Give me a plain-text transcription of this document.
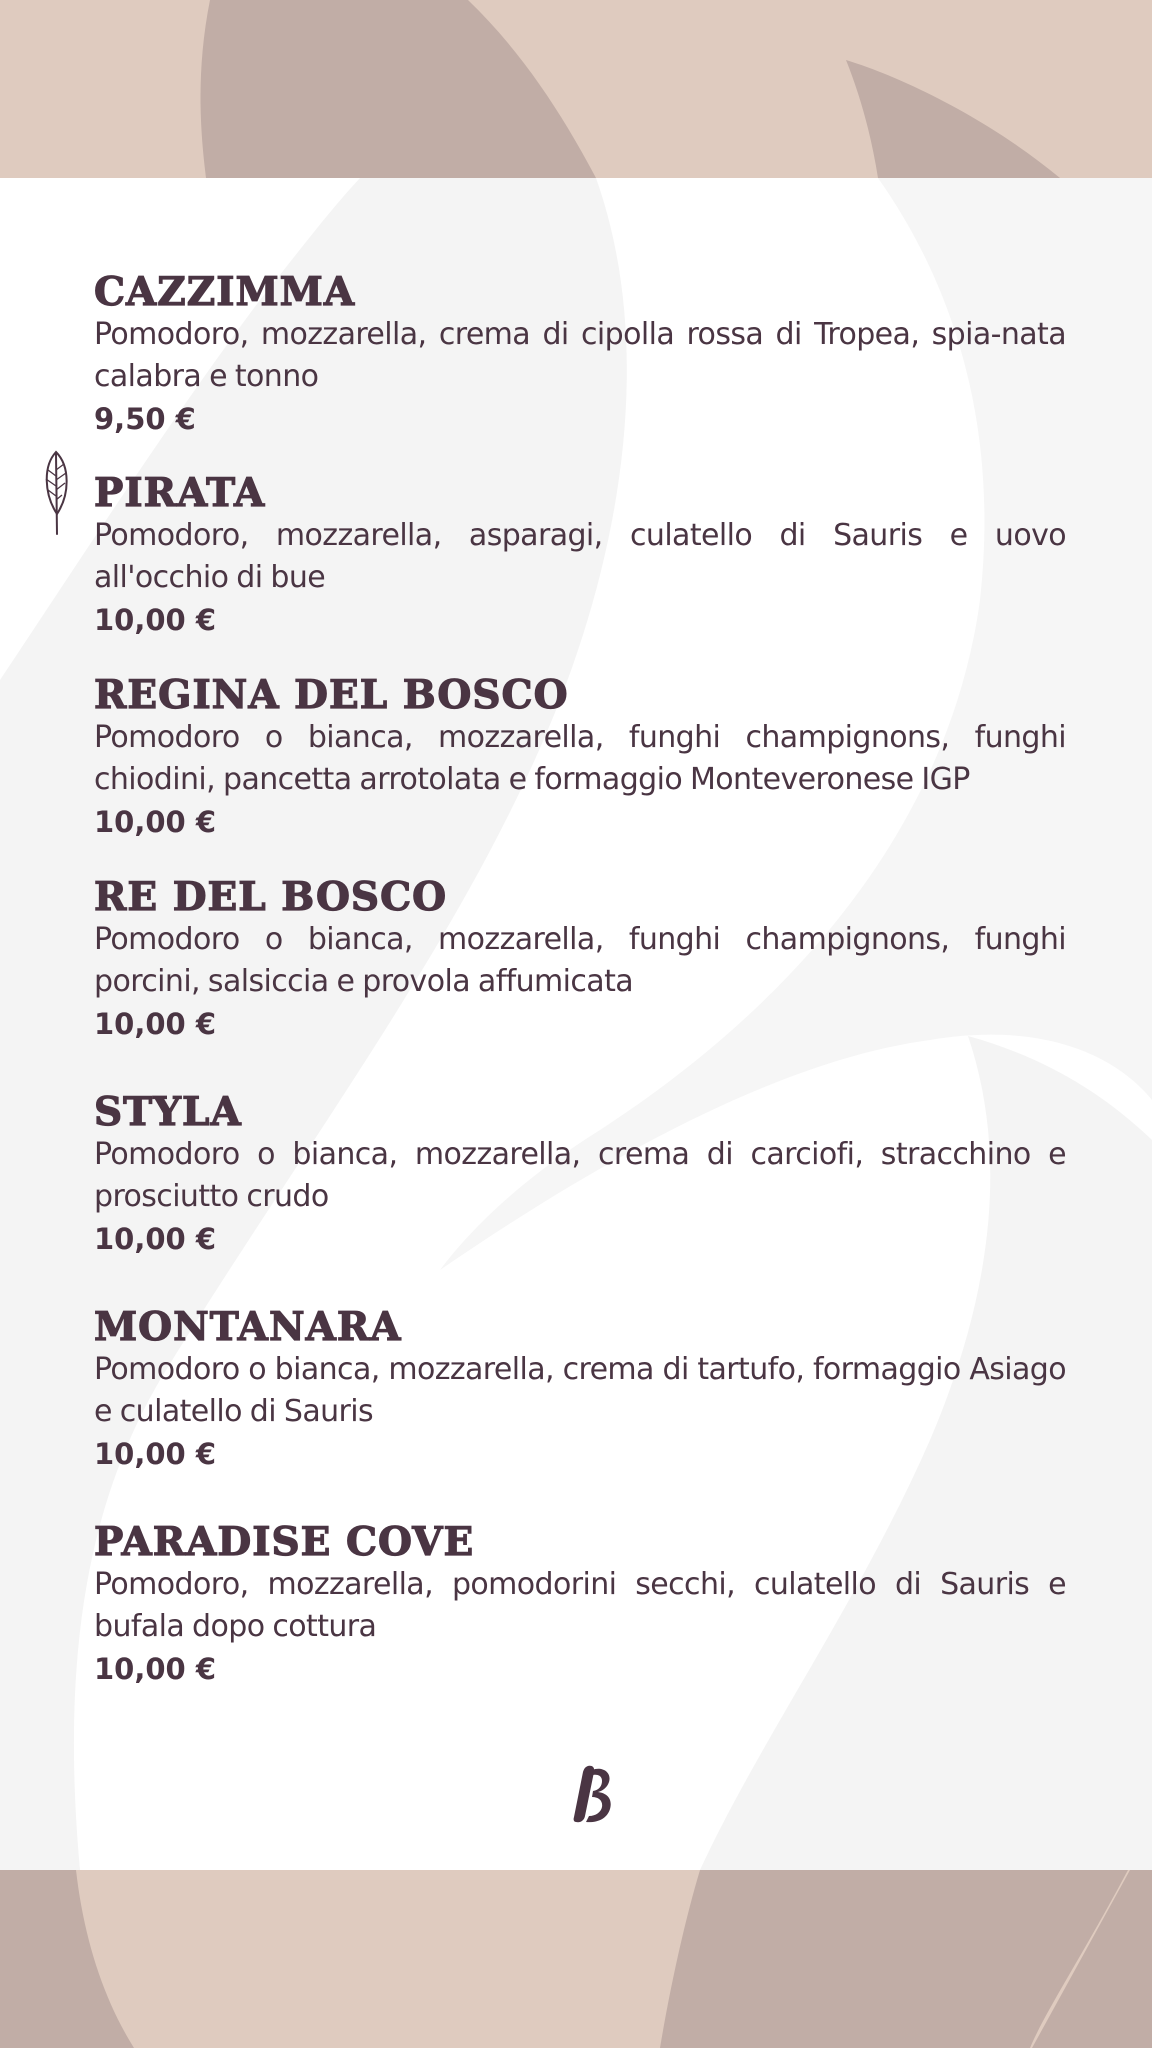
CAZZIMMA
Pomodoro, mozzarella, crema di cipolla rossa di Tropea, spia-nata calabra e tonno
9,50 €
PIRATA
Pomodoro, mozzarella, asparagi, culatello di Sauris e uovo all'occhio di bue
10,00 €
REGINA DEL BOSCO
Pomodoro o bianca, mozzarella, funghi champignons, funghi chiodini, pancetta arrotolata e formaggio Monteveronese IGP
10,00 €
RE DEL BOSCO
Pomodoro o bianca, mozzarella, funghi champignons, funghi porcini, salsiccia e provola affumicata
10,00 €
STYLA
Pomodoro o bianca, mozzarella, crema di carciofi, stracchino e prosciutto crudo
10,00 €
MONTANARA
Pomodoro o bianca, mozzarella, crema di tartufo, formaggio Asiago e culatello di Sauris
10,00 €
PARADISE COVE
Pomodoro, mozzarella, pomodorini secchi, culatello di Sauris e bufala dopo cottura
10,00 €
